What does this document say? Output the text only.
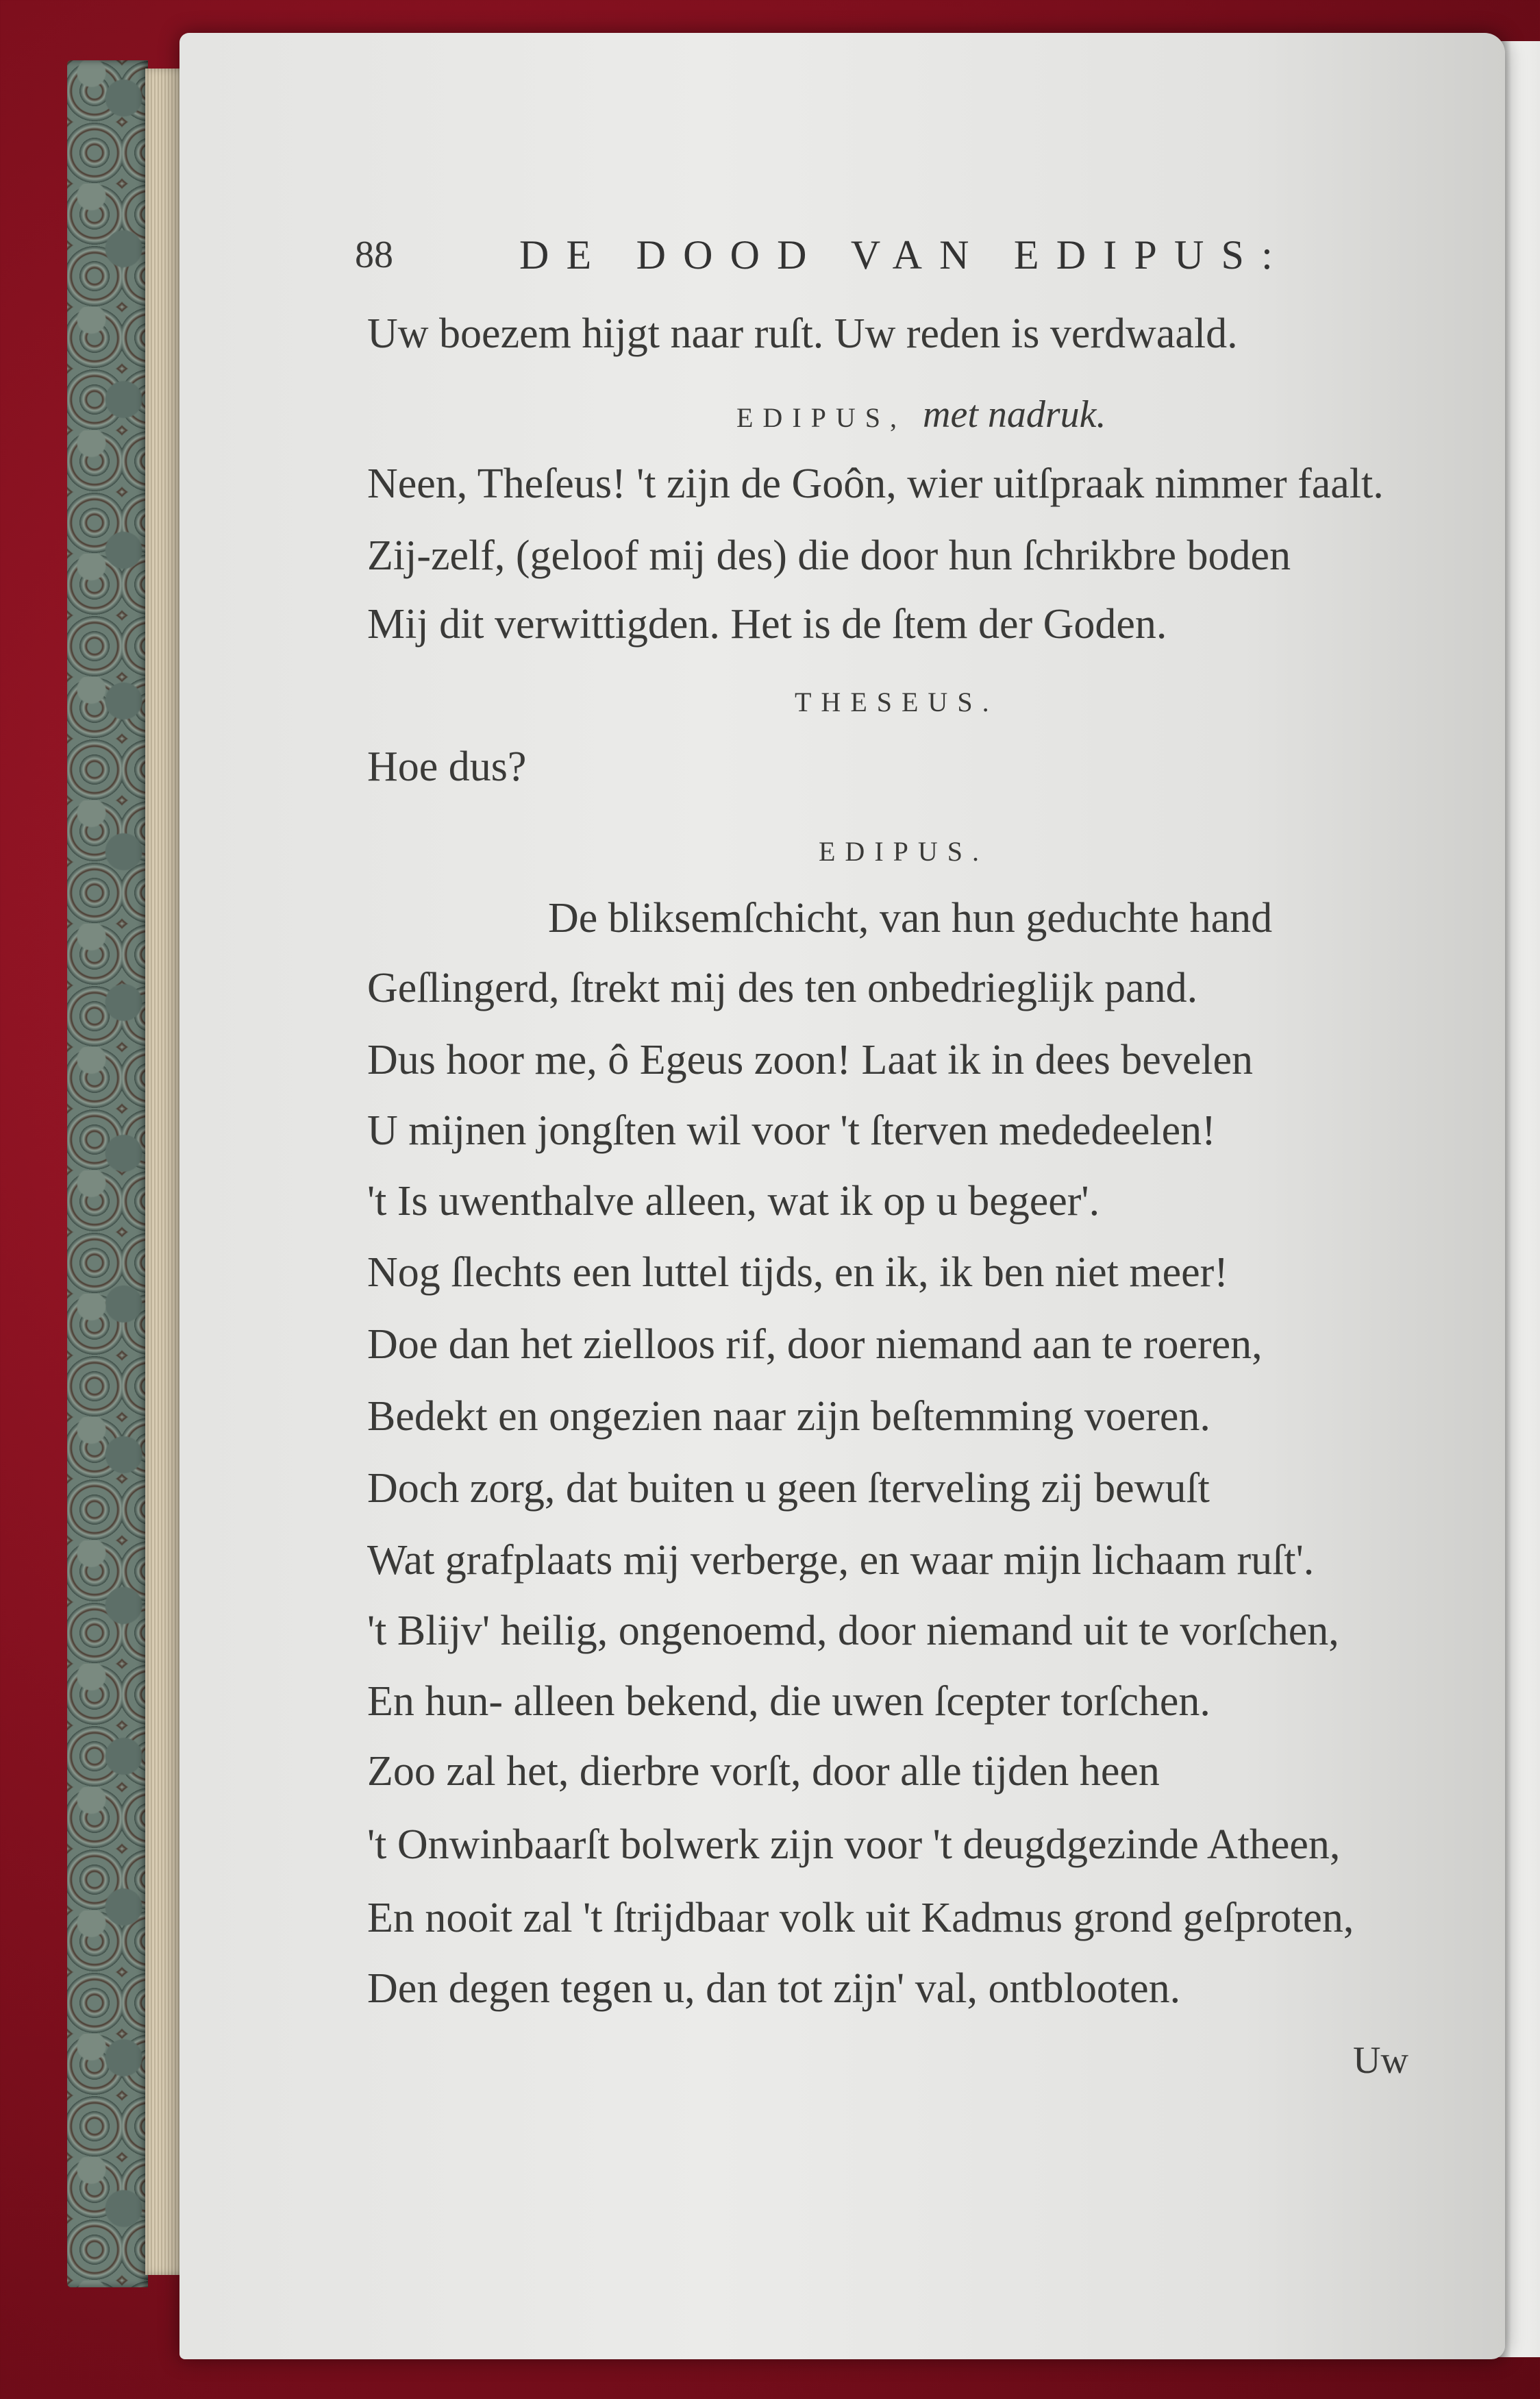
88	DE DOOD VAN EDIPUS:
Uw boezem hijgt naar ruſt. Uw reden is verdwaald.
EDIPUS, met nadruk.
Neen, Theſeus! 't zijn de Goôn, wier uitſpraak nimmer faalt.
Zij-zelf, (geloof mij des) die door hun ſchrikbre boden
Mij dit verwittigden. Het is de ſtem der Goden.
THESEUS.
Hoe dus?
EDIPUS.
De bliksemſchicht, van hun geduchte hand
Geſlingerd, ſtrekt mij des ten onbedrieglijk pand.
Dus hoor me, ô Egeus zoon! Laat ik in dees bevelen
U mijnen jongſten wil voor 't ſterven mededeelen!
't Is uwenthalve alleen, wat ik op u begeer'.
Nog ſlechts een luttel tijds, en ik, ik ben niet meer!
Doe dan het zielloos rif, door niemand aan te roeren,
Bedekt en ongezien naar zijn beſtemming voeren.
Doch zorg, dat buiten u geen ſterveling zij bewuſt
Wat grafplaats mij verberge, en waar mijn lichaam ruſt'.
't Blijv' heilig, ongenoemd, door niemand uit te vorſchen,
En hun- alleen bekend, die uwen ſcepter torſchen.
Zoo zal het, dierbre vorſt, door alle tijden heen
't Onwinbaarſt bolwerk zijn voor 't deugdgezinde Atheen,
En nooit zal 't ſtrijdbaar volk uit Kadmus grond geſproten,
Den degen tegen u, dan tot zijn' val, ontblooten.
Uw
